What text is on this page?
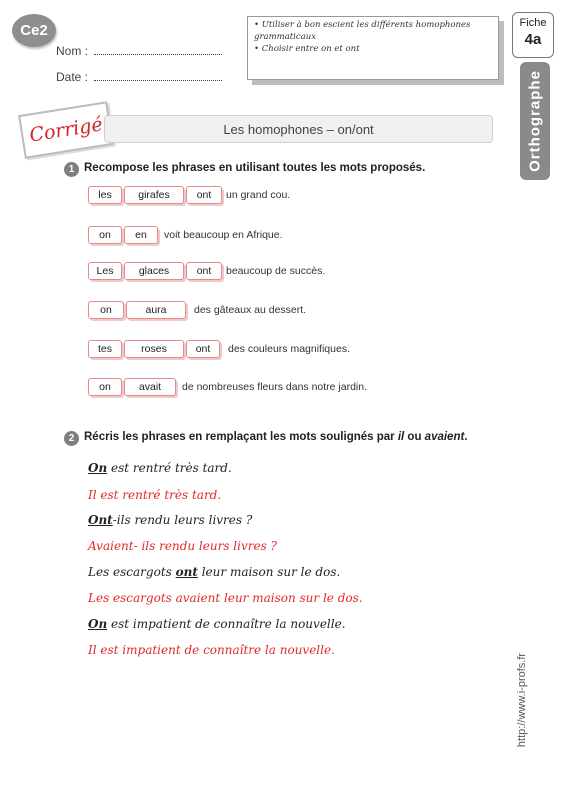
Ce2
Nom :
Date :
• Utiliser à bon escient les différents homophones grammaticaux
• Choisir entre on et ont
Fiche
4a
Orthographe
Corrigé	Les homophones – on/ont
1 Recompose les phrases en utilisant toutes les mots proposés.
les	girafes	ont	un grand cou.
on	en	voit beaucoup en Afrique.
Les	glaces	ont	beaucoup de succès.
on	aura	des gâteaux au dessert.
tes	roses	ont	des couleurs magnifiques.
on	avait	de nombreuses fleurs dans notre jardin.
2 Récris les phrases en remplaçant les mots soulignés par il ou avaient.
On est rentré très tard.
Il est rentré très tard.
Ont-ils rendu leurs livres ?
Avaient- ils rendu leurs livres ?
Les escargots ont leur maison sur le dos.
Les escargots avaient leur maison sur le dos.
On est impatient de connaître la nouvelle.
Il est impatient de connaître la nouvelle.
http://www.i-profs.fr
